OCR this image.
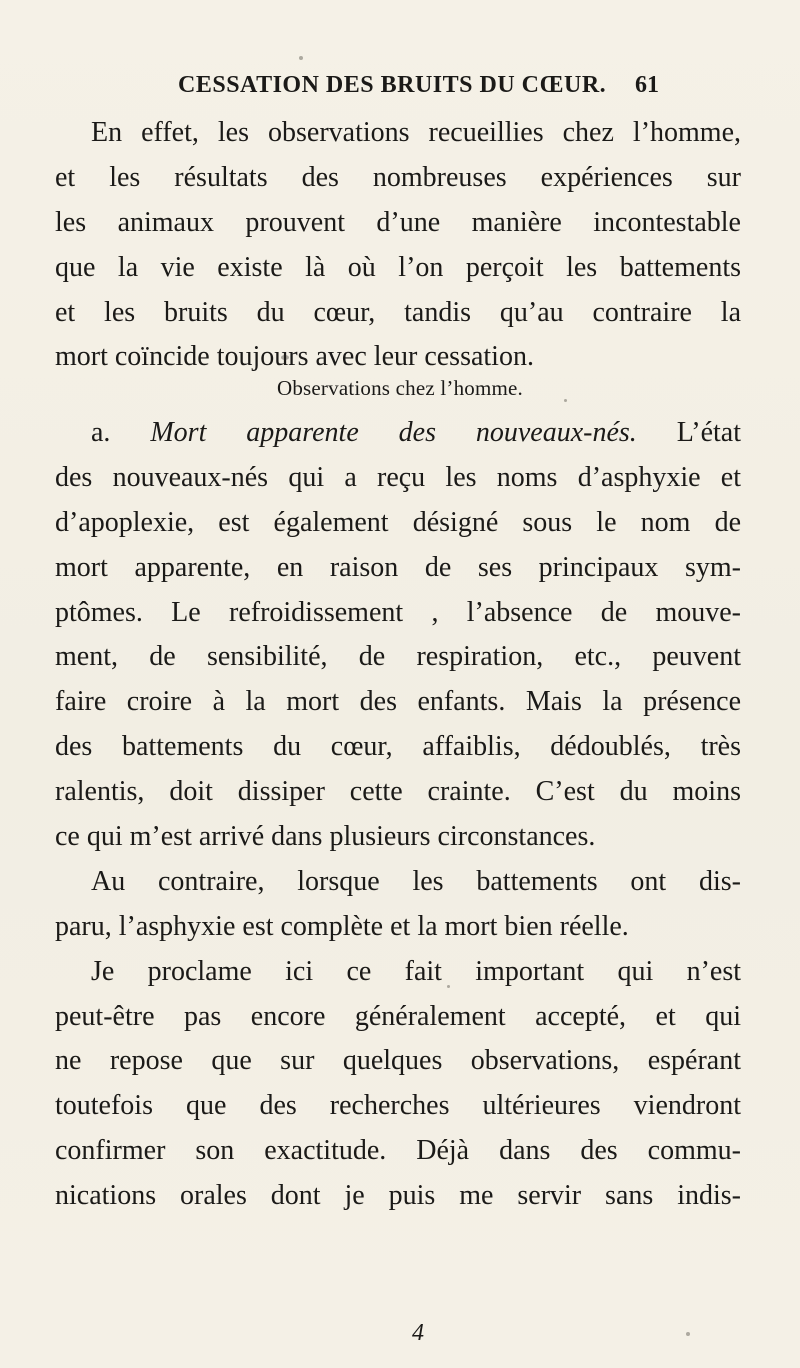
CESSATION DES BRUITS DU CŒUR. 61
En effet, les observations recueillies chez l’homme,
et les résultats des nombreuses expériences sur
les animaux prouvent d’une manière incontestable
que la vie existe là où l’on perçoit les battements
et les bruits du cœur, tandis qu’au contraire la
mort coïncide toujours avec leur cessation.
Observations chez l’homme.
a. Mort apparente des nouveaux-nés. L’état
des nouveaux-nés qui a reçu les noms d’asphyxie et
d’apoplexie, est également désigné sous le nom de
mort apparente, en raison de ses principaux sym-
ptômes. Le refroidissement , l’absence de mouve-
ment, de sensibilité, de respiration, etc., peuvent
faire croire à la mort des enfants. Mais la présence
des battements du cœur, affaiblis, dédoublés, très
ralentis, doit dissiper cette crainte. C’est du moins
ce qui m’est arrivé dans plusieurs circonstances.
Au contraire, lorsque les battements ont dis-
paru, l’asphyxie est complète et la mort bien réelle.
Je proclame ici ce fait important qui n’est
peut-être pas encore généralement accepté, et qui
ne repose que sur quelques observations, espérant
toutefois que des recherches ultérieures viendront
confirmer son exactitude. Déjà dans des commu-
nications orales dont je puis me servir sans indis-
4
